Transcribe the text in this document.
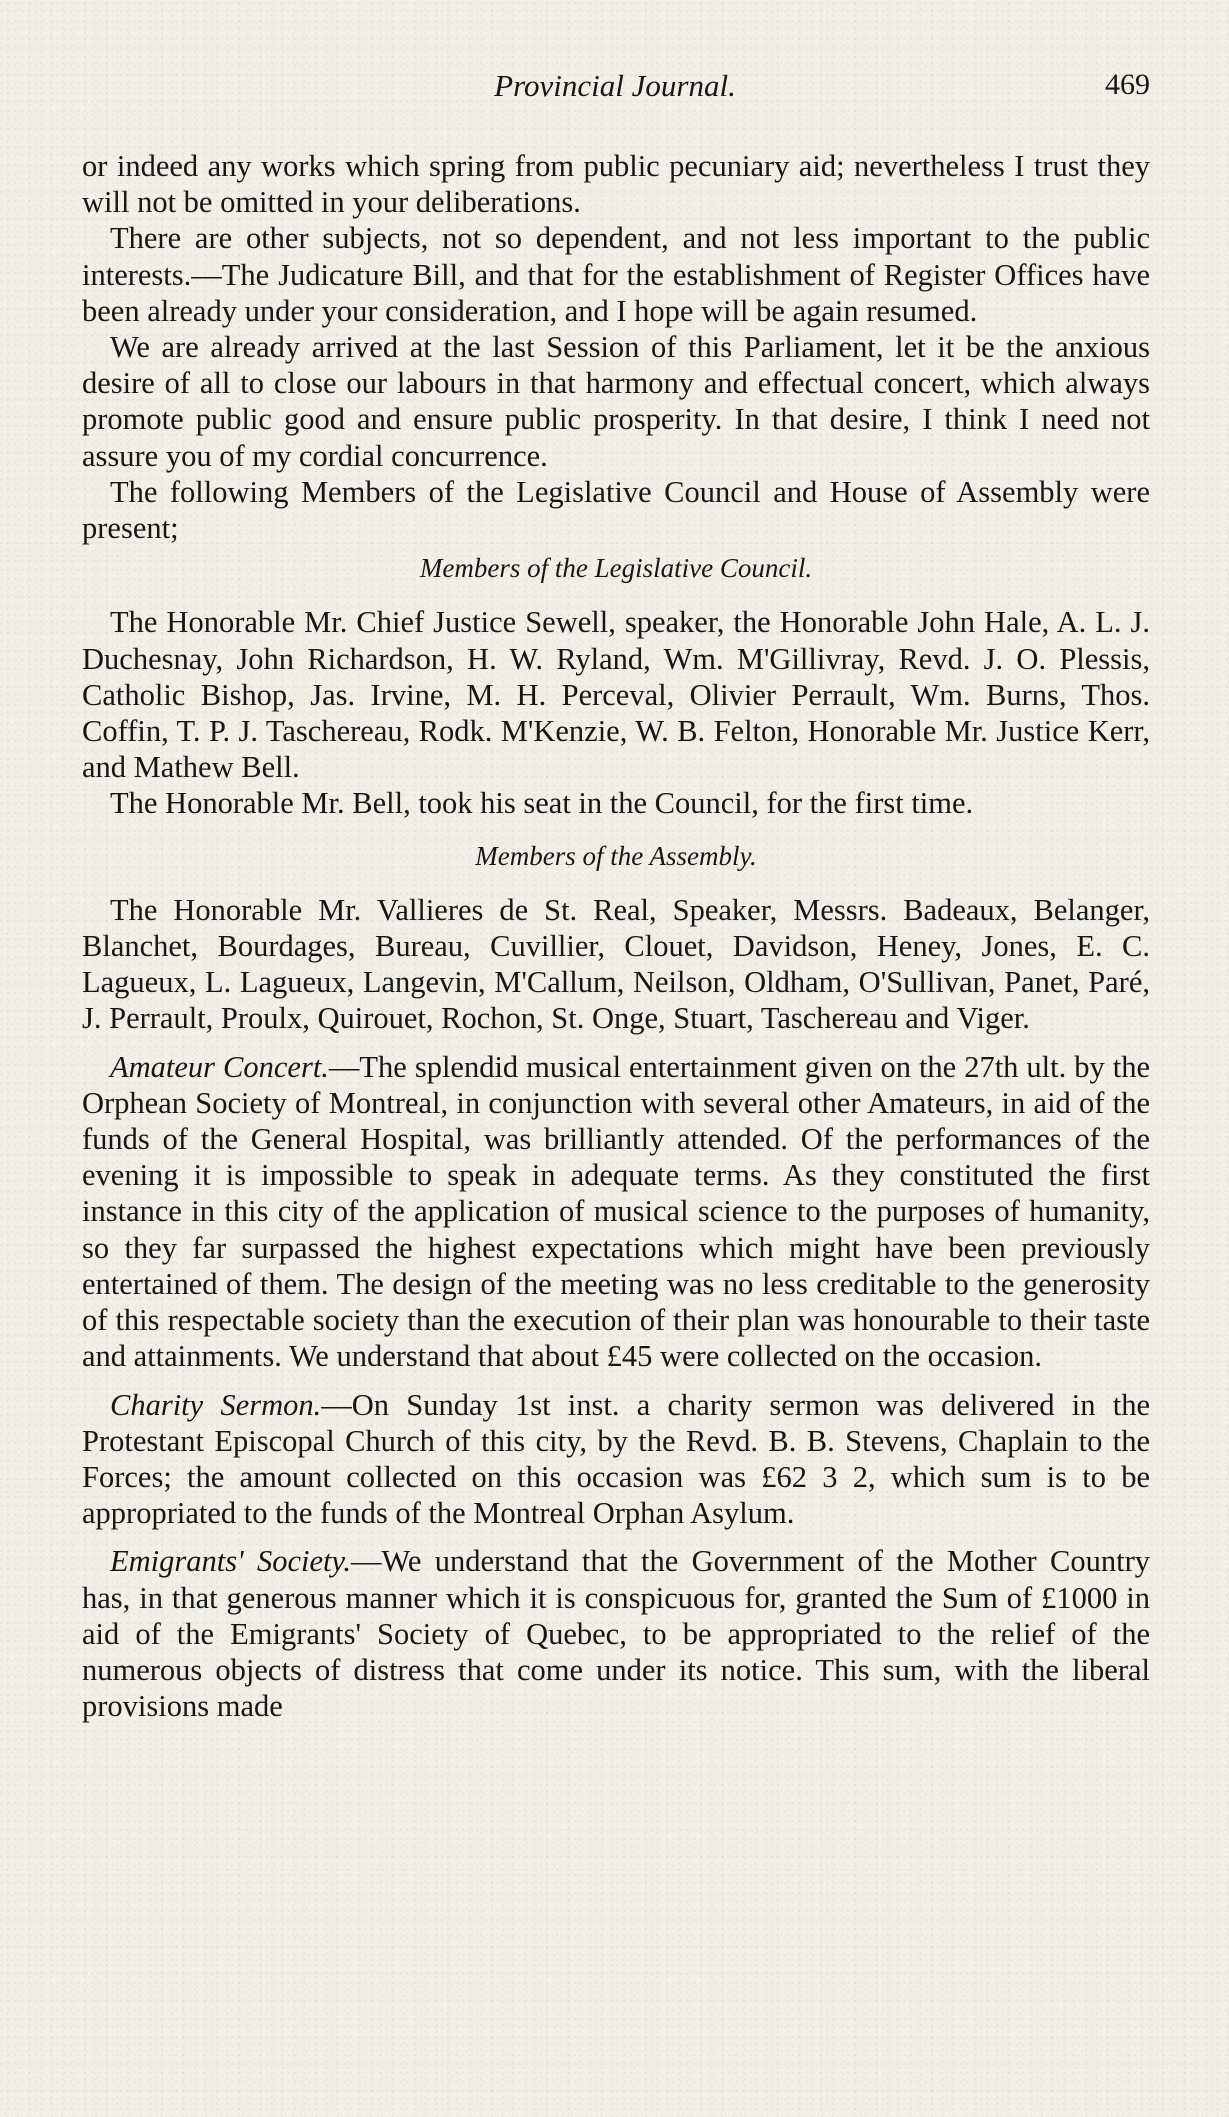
Provincial Journal.	469

or indeed any works which spring from public pecuniary aid; nevertheless I trust they will not be omitted in your deliberations.

There are other subjects, not so dependent, and not less important to the public interests.—The Judicature Bill, and that for the establishment of Register Offices have been already under your consideration, and I hope will be again resumed.

We are already arrived at the last Session of this Parliament, let it be the anxious desire of all to close our labours in that harmony and effectual concert, which always promote public good and ensure public prosperity. In that desire, I think I need not assure you of my cordial concurrence.

The following Members of the Legislative Council and House of Assembly were present;

Members of the Legislative Council.

The Honorable Mr. Chief Justice Sewell, speaker, the Honorable John Hale, A. L. J. Duchesnay, John Richardson, H. W. Ryland, Wm. M'Gillivray, Revd. J. O. Plessis, Catholic Bishop, Jas. Irvine, M. H. Perceval, Olivier Perrault, Wm. Burns, Thos. Coffin, T. P. J. Taschereau, Rodk. M'Kenzie, W. B. Felton, Honorable Mr. Justice Kerr, and Mathew Bell.

The Honorable Mr. Bell, took his seat in the Council, for the first time.

Members of the Assembly.

The Honorable Mr. Vallieres de St. Real, Speaker, Messrs. Badeaux, Belanger, Blanchet, Bourdages, Bureau, Cuvillier, Clouet, Davidson, Heney, Jones, E. C. Lagueux, L. Lagueux, Langevin, M'Callum, Neilson, Oldham, O'Sullivan, Panet, Paré, J. Perrault, Proulx, Quirouet, Rochon, St. Onge, Stuart, Taschereau and Viger.

Amateur Concert.—The splendid musical entertainment given on the 27th ult. by the Orphean Society of Montreal, in conjunction with several other Amateurs, in aid of the funds of the General Hospital, was brilliantly attended. Of the performances of the evening it is impossible to speak in adequate terms. As they constituted the first instance in this city of the application of musical science to the purposes of humanity, so they far surpassed the highest expectations which might have been previously entertained of them. The design of the meeting was no less creditable to the generosity of this respectable society than the execution of their plan was honourable to their taste and attainments. We understand that about £45 were collected on the occasion.

Charity Sermon.—On Sunday 1st inst. a charity sermon was delivered in the Protestant Episcopal Church of this city, by the Revd. B. B. Stevens, Chaplain to the Forces; the amount collected on this occasion was £62 3 2, which sum is to be appropriated to the funds of the Montreal Orphan Asylum.

Emigrants' Society.—We understand that the Government of the Mother Country has, in that generous manner which it is conspicuous for, granted the Sum of £1000 in aid of the Emigrants' Society of Quebec, to be appropriated to the relief of the numerous objects of distress that come under its notice. This sum, with the liberal provisions made
